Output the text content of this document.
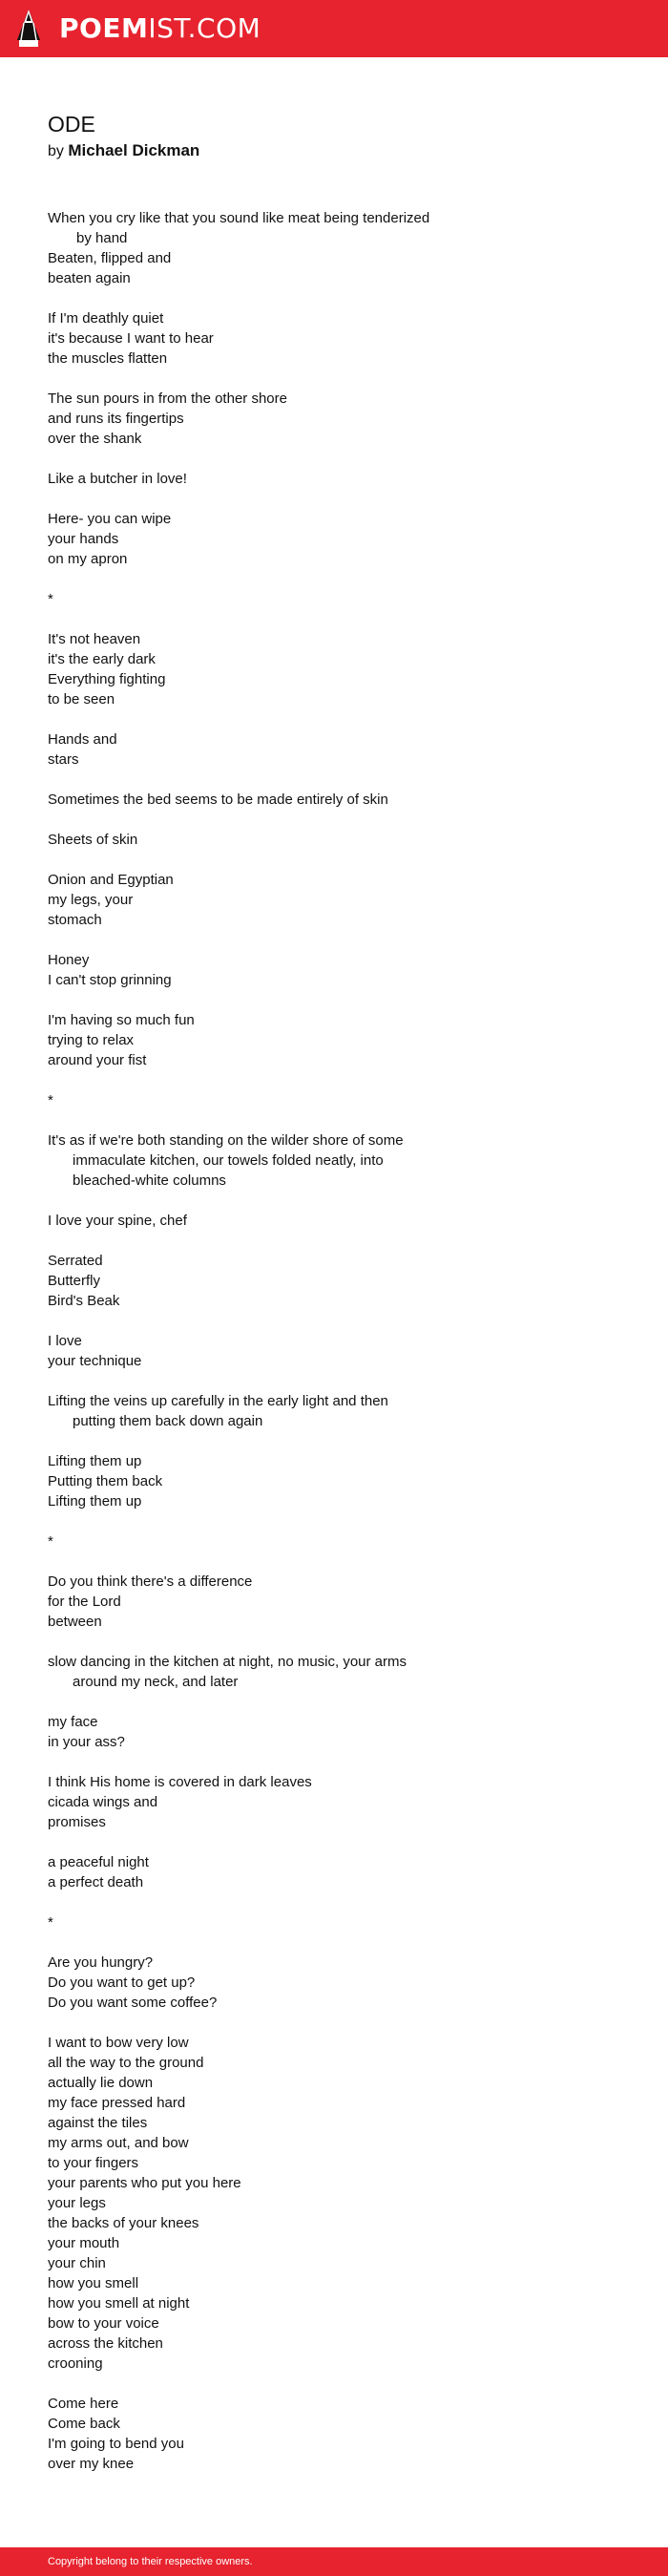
POEMIST.COM
ODE
by Michael Dickman
When you cry like that you sound like meat being tenderized
by hand
Beaten, flipped and
beaten again
If I'm deathly quiet
it's because I want to hear
the muscles flatten
The sun pours in from the other shore
and runs its fingertips
over the shank
Like a butcher in love!
Here- you can wipe
your hands
on my apron
*
It's not heaven
it's the early dark
Everything fighting
to be seen
Hands and
stars
Sometimes the bed seems to be made entirely of skin
Sheets of skin
Onion and Egyptian
my legs, your
stomach
Honey
I can't stop grinning
I'm having so much fun
trying to relax
around your fist
*
It's as if we're both standing on the wilder shore of some
immaculate kitchen, our towels folded neatly, into
bleached-white columns
I love your spine, chef
Serrated
Butterfly
Bird's Beak
I love
your technique
Lifting the veins up carefully in the early light and then
putting them back down again
Lifting them up
Putting them back
Lifting them up
*
Do you think there's a difference
for the Lord
between
slow dancing in the kitchen at night, no music, your arms
around my neck, and later
my face
in your ass?
I think His home is covered in dark leaves
cicada wings and
promises
a peaceful night
a perfect death
*
Are you hungry?
Do you want to get up?
Do you want some coffee?
I want to bow very low
all the way to the ground
actually lie down
my face pressed hard
against the tiles
my arms out, and bow
to your fingers
your parents who put you here
your legs
the backs of your knees
your mouth
your chin
how you smell
how you smell at night
bow to your voice
across the kitchen
crooning
Come here
Come back
I'm going to bend you
over my knee
Copyright belong to their respective owners.
